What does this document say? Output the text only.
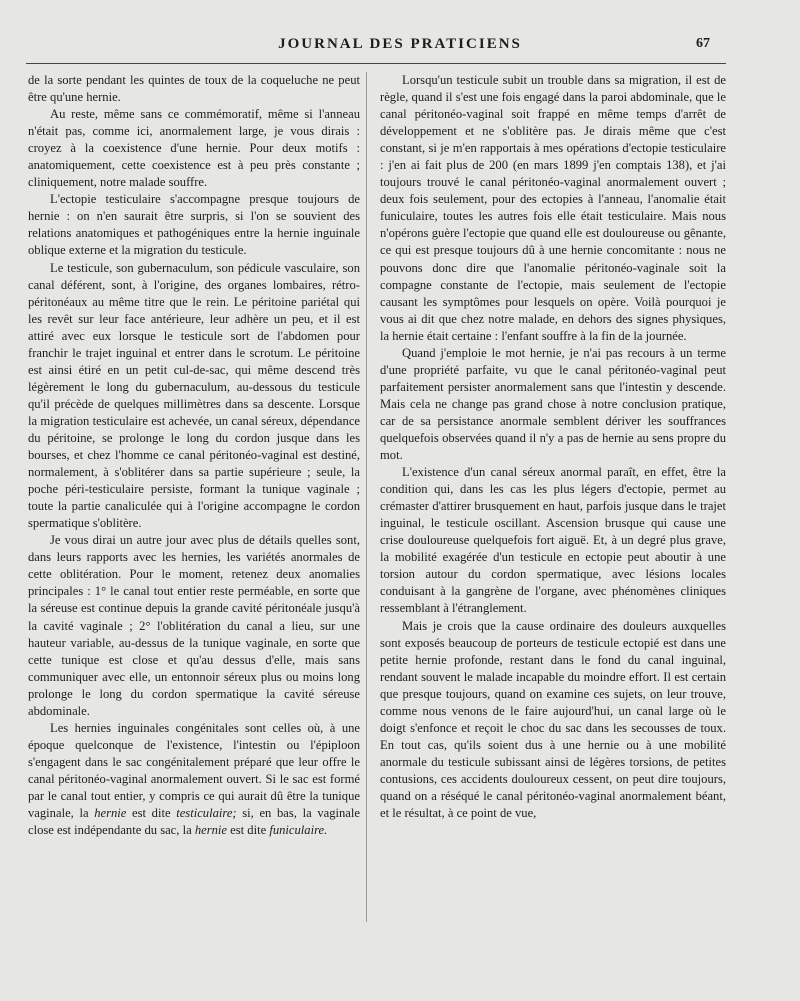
JOURNAL DES PRATICIENS	67

de la sorte pendant les quintes de toux de la coqueluche ne peut être qu'une hernie.

Au reste, même sans ce commémoratif, même si l'anneau n'était pas, comme ici, anormalement large, je vous dirais : croyez à la coexistence d'une hernie. Pour deux motifs : anatomiquement, cette coexistence est à peu près constante ; cliniquement, notre malade souffre.

L'ectopie testiculaire s'accompagne presque toujours de hernie : on n'en saurait être surpris, si l'on se souvient des relations anatomiques et pathogéniques entre la hernie inguinale oblique externe et la migration du testicule.

Le testicule, son gubernaculum, son pédicule vasculaire, son canal déférent, sont, à l'origine, des organes lombaires, rétro-péritonéaux au même titre que le rein. Le péritoine pariétal qui les revêt sur leur face antérieure, leur adhère un peu, et il est attiré avec eux lorsque le testicule sort de l'abdomen pour franchir le trajet inguinal et entrer dans le scrotum. Le péritoine est ainsi étiré en un petit cul-de-sac, qui même descend très légèrement le long du gubernaculum, au-dessous du testicule qu'il précède de quelques millimètres dans sa descente. Lorsque la migration testiculaire est achevée, un canal séreux, dépendance du péritoine, se prolonge le long du cordon jusque dans les bourses, et chez l'homme ce canal péritonéo-vaginal est destiné, normalement, à s'oblitérer dans sa partie supérieure ; seule, la poche péri-testiculaire persiste, formant la tunique vaginale ; toute la partie canaliculée qui à l'origine accompagne le cordon spermatique s'oblitère.

Je vous dirai un autre jour avec plus de détails quelles sont, dans leurs rapports avec les hernies, les variétés anormales de cette oblitération. Pour le moment, retenez deux anomalies principales : 1° le canal tout entier reste perméable, en sorte que la séreuse est continue depuis la grande cavité péritonéale jusqu'à la cavité vaginale ; 2° l'oblitération du canal a lieu, sur une hauteur variable, au-dessus de la tunique vaginale, en sorte que cette tunique est close et qu'au dessus d'elle, mais sans communiquer avec elle, un entonnoir séreux plus ou moins long prolonge le long du cordon spermatique la cavité séreuse abdominale.

Les hernies inguinales congénitales sont celles où, à une époque quelconque de l'existence, l'intestin ou l'épiploon s'engagent dans le sac congénitalement préparé que leur offre le canal péritonéo-vaginal anormalement ouvert. Si le sac est formé par le canal tout entier, y compris ce qui aurait dû être la tunique vaginale, la hernie est dite testiculaire; si, en bas, la vaginale close est indépendante du sac, la hernie est dite funiculaire.

Lorsqu'un testicule subit un trouble dans sa migration, il est de règle, quand il s'est une fois engagé dans la paroi abdominale, que le canal péritonéo-vaginal soit frappé en même temps d'arrêt de développement et ne s'oblitère pas. Je dirais même que c'est constant, si je m'en rapportais à mes opérations d'ectopie testiculaire : j'en ai fait plus de 200 (en mars 1899 j'en comptais 138), et j'ai toujours trouvé le canal péritonéo-vaginal anormalement ouvert ; deux fois seulement, pour des ectopies à l'anneau, l'anomalie était funiculaire, toutes les autres fois elle était testiculaire. Mais nous n'opérons guère l'ectopie que quand elle est douloureuse ou gênante, ce qui est presque toujours dû à une hernie concomitante : nous ne pouvons donc dire que l'anomalie péritonéo-vaginale soit la compagne constante de l'ectopie, mais seulement de l'ectopie causant les symptômes pour lesquels on opère. Voilà pourquoi je vous ai dit que chez notre malade, en dehors des signes physiques, la hernie était certaine : l'enfant souffre à la fin de la journée.

Quand j'emploie le mot hernie, je n'ai pas recours à un terme d'une propriété parfaite, vu que le canal péritonéo-vaginal peut parfaitement persister anormalement sans que l'intestin y descende. Mais cela ne change pas grand chose à notre conclusion pratique, car de sa persistance anormale semblent dériver les souffrances quelquefois observées quand il n'y a pas de hernie au sens propre du mot.

L'existence d'un canal séreux anormal paraît, en effet, être la condition qui, dans les cas les plus légers d'ectopie, permet au crémaster d'attirer brusquement en haut, parfois jusque dans le trajet inguinal, le testicule oscillant. Ascension brusque qui cause une crise douloureuse quelquefois fort aiguë. Et, à un degré plus grave, la mobilité exagérée d'un testicule en ectopie peut aboutir à une torsion autour du cordon spermatique, avec lésions locales conduisant à la gangrène de l'organe, avec phénomènes cliniques ressemblant à l'étranglement.

Mais je crois que la cause ordinaire des douleurs auxquelles sont exposés beaucoup de porteurs de testicule ectopié est dans une petite hernie profonde, restant dans le fond du canal inguinal, rendant souvent le malade incapable du moindre effort. Il est certain que presque toujours, quand on examine ces sujets, on leur trouve, comme nous venons de le faire aujourd'hui, un canal large où le doigt s'enfonce et reçoit le choc du sac dans les secousses de toux. En tout cas, qu'ils soient dus à une hernie ou à une mobilité anormale du testicule subissant ainsi de légères torsions, de petites contusions, ces accidents douloureux cessent, on peut dire toujours, quand on a réséqué le canal péritonéo-vaginal anormalement béant, et le résultat, à ce point de vue,
